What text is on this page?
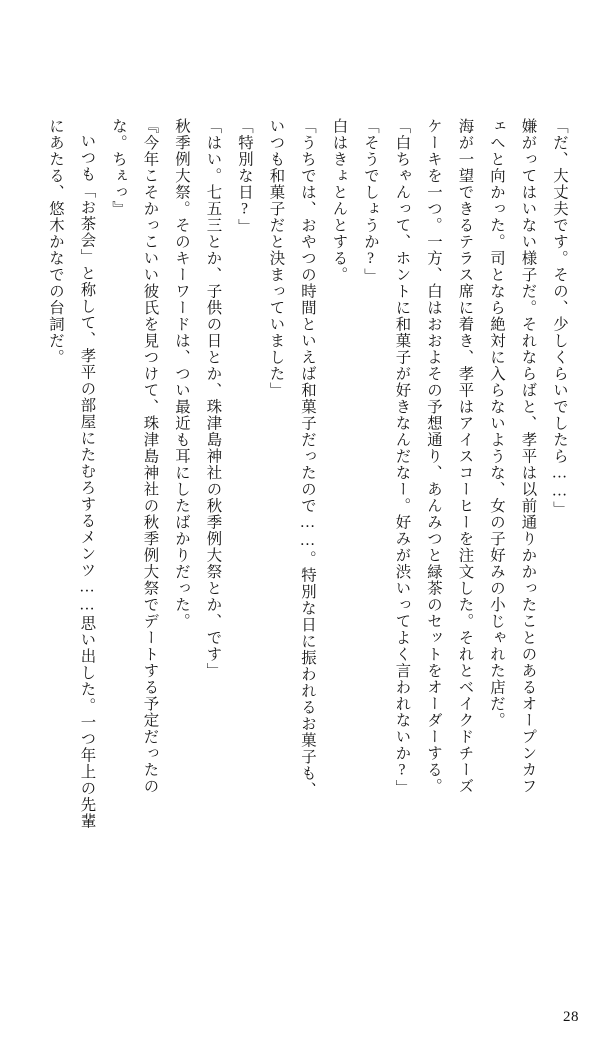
「だ、大丈夫です。その、少しくらいでしたら……」
嫌がってはいない様子だ。それならばと、孝平は以前通りかかったことのあるオープンカフ
ェへと向かった。司となら絶対に入らないような、女の子好みの小じゃれた店だ。
海が一望できるテラス席に着き、孝平はアイスコーヒーを注文した。それとベイクドチーズ
ケーキを一つ。一方、白はおおよその予想通り、あんみつと緑茶のセットをオーダーする。
「白ちゃんって、ホントに和菓子が好きなんだなー。好みが渋いってよく言われないか?」
「そうでしょうか?」
白はきょとんとする。
「うちでは、おやつの時間といえば和菓子だったので……。特別な日に振われるお菓子も、
いつも和菓子だと決まっていました」
「特別な日?」
「はい。七五三とか、子供の日とか、珠津島神社の秋季例大祭とか、です」
秋季例大祭。そのキーワードは、つい最近も耳にしたばかりだった。
『今年こそかっこいい彼氏を見つけて、珠津島神社の秋季例大祭でデートする予定だったの
な。ちぇっ』
いつも「お茶会」と称して、孝平の部屋にたむろするメンツ……思い出した。一つ年上の先輩
にあたる、悠木かなでの台詞だ。
28
